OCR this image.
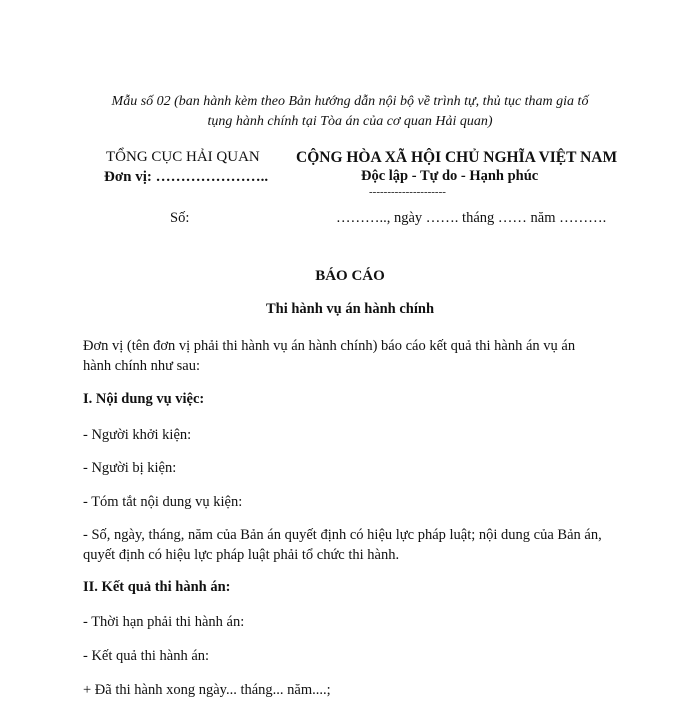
Mẫu số 02 (ban hành kèm theo Bản hướng dẫn nội bộ về trình tự, thủ tục tham gia tố
tụng hành chính tại Tòa án của cơ quan Hải quan)
TỔNG CỤC HẢI QUAN
Đơn vị: …………………..
CỘNG HÒA XÃ HỘI CHỦ NGHĨA VIỆT NAM
Độc lập - Tự do - Hạnh phúc
---------------------
Số:	……….., ngày ……. tháng …… năm ……….
BÁO CÁO
Thi hành vụ án hành chính
Đơn vị (tên đơn vị phải thi hành vụ án hành chính) báo cáo kết quả thi hành án vụ án
hành chính như sau:
I. Nội dung vụ việc:
- Người khởi kiện:
- Người bị kiện:
- Tóm tắt nội dung vụ kiện:
- Số, ngày, tháng, năm của Bản án quyết định có hiệu lực pháp luật; nội dung của Bản án,
quyết định có hiệu lực pháp luật phải tổ chức thi hành.
II. Kết quả thi hành án:
- Thời hạn phải thi hành án:
- Kết quả thi hành án:
+ Đã thi hành xong ngày... tháng... năm....;
